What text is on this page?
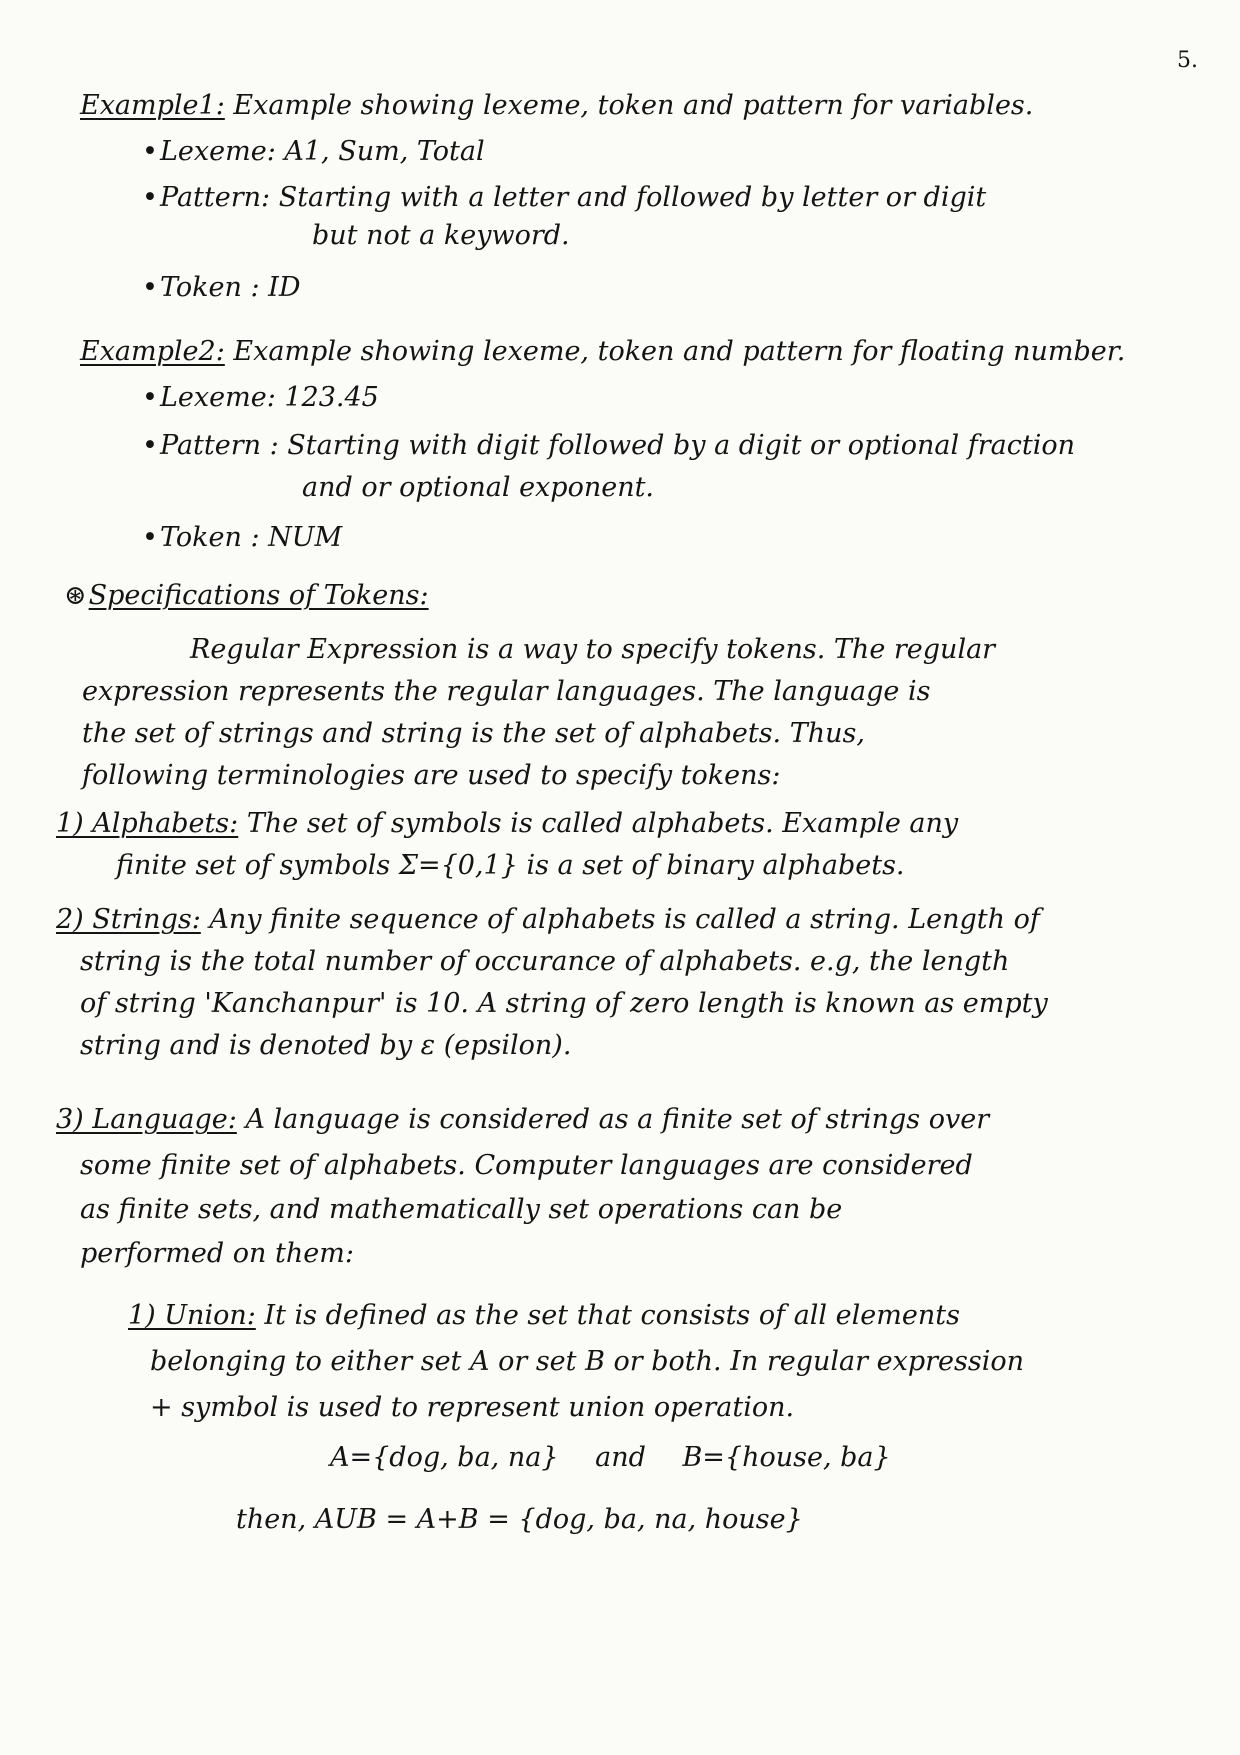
5.
Example1: Example showing lexeme, token and pattern for variables.
•Lexeme: A1, Sum, Total
•Pattern: Starting with a letter and followed by letter or digit
but not a keyword.
•Token : ID
Example2: Example showing lexeme, token and pattern for floating number.
•Lexeme: 123.45
•Pattern : Starting with digit followed by a digit or optional fraction
and or optional exponent.
•Token : NUM
⊛Specifications of Tokens:
Regular Expression is a way to specify tokens. The regular
expression represents the regular languages. The language is
the set of strings and string is the set of alphabets. Thus,
following terminologies are used to specify tokens:
1) Alphabets: The set of symbols is called alphabets. Example any
finite set of symbols Σ={0,1} is a set of binary alphabets.
2) Strings: Any finite sequence of alphabets is called a string. Length of
string is the total number of occurance of alphabets. e.g, the length
of string 'Kanchanpur' is 10. A string of zero length is known as empty
string and is denoted by ε (epsilon).
3) Language: A language is considered as a finite set of strings over
some finite set of alphabets. Computer languages are considered
as finite sets, and mathematically set operations can be
performed on them:
1) Union: It is defined as the set that consists of all elements
belonging to either set A or set B or both. In regular expression
+ symbol is used to represent union operation.
A={dog, ba, na} and B={house, ba}
then, AUB = A+B = {dog, ba, na, house}
